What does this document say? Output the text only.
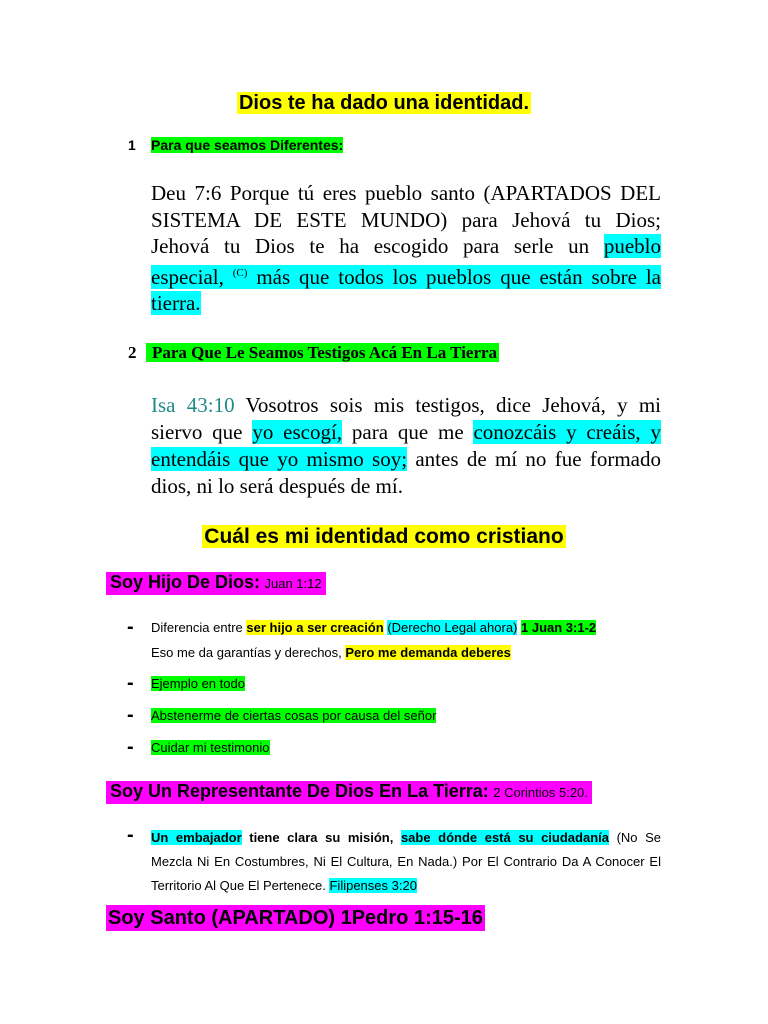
Dios te ha dado una identidad.
1 Para que seamos Diferentes:
Deu 7:6 Porque tú eres pueblo santo (APARTADOS DEL
SISTEMA DE ESTE MUNDO) para Jehová tu Dios;
Jehová tu Dios te ha escogido para serle un pueblo
especial, $^{(C)}$ más que todos los pueblos que están sobre la
tierra.
2 Para Que Le Seamos Testigos Acá En La Tierra
Isa 43:10 Vosotros sois mis testigos, dice Jehová, y mi
siervo que yo escogí, para que me conozcáis y creáis, y
entendáis que yo mismo soy; antes de mí no fue formado
dios, ni lo será después de mí.
Cuál es mi identidad como cristiano
Soy Hijo De Dios: Juan 1:12
- Diferencia entre ser hijo a ser creación (Derecho Legal ahora) 1 Juan 3:1-2
Eso me da garantías y derechos, Pero me demanda deberes
- Ejemplo en todo
- Abstenerme de ciertas cosas por causa del señor
- Cuidar mi testimonio
Soy Un Representante De Dios En La Tierra: 2 Corintios 5:20.
- Un embajador tiene clara su misión, sabe dónde está su ciudadanía (No Se
Mezcla Ni En Costumbres, Ni El Cultura, En Nada.) Por El Contrario Da A Conocer El
Territorio Al Que El Pertenece. Filipenses 3:20
Soy Santo (APARTADO) 1Pedro 1:15-16
